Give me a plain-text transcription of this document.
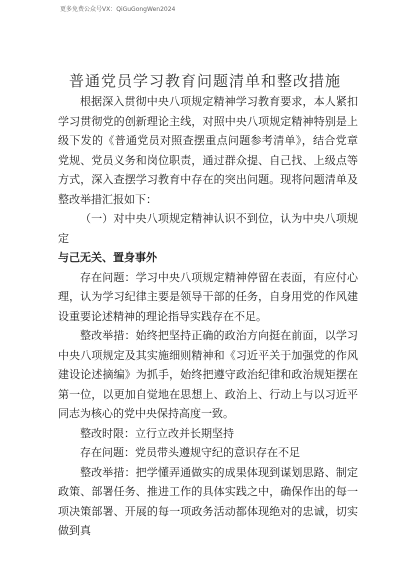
更多免费公众号VX：QiGuGongWen2024
普通党员学习教育问题清单和整改措施

根据深入贯彻中央八项规定精神学习教育要求，本人紧扣学习贯彻党的创新理论主线，对照中央八项规定精神特别是上级下发的《普通党员对照查摆重点问题参考清单》，结合党章党规、党员义务和岗位职责，通过群众提、自己找、上级点等方式，深入查摆学习教育中存在的突出问题。现将问题清单及整改举措汇报如下：

（一）对中央八项规定精神认识不到位，认为中央八项规定

与己无关、置身事外

存在问题：学习中央八项规定精神停留在表面，有应付心理，认为学习纪律主要是领导干部的任务，自身用党的作风建设重要论述精神的理论指导实践存在不足。

整改举措：始终把坚持正确的政治方向挺在前面，以学习中央八项规定及其实施细则精神和《习近平关于加强党的作风建设论述摘编》为抓手，始终把遵守政治纪律和政治规矩摆在第一位，以更加自觉地在思想上、政治上、行动上与以习近平同志为核心的党中央保持高度一致。

整改时限：立行立改并长期坚持

存在问题：党员带头遵规守纪的意识存在不足

整改举措：把学懂弄通做实的成果体现到谋划思路、制定政策、部署任务、推进工作的具体实践之中，确保作出的每一项决策部署、开展的每一项政务活动都体现绝对的忠诚，切实做到真
